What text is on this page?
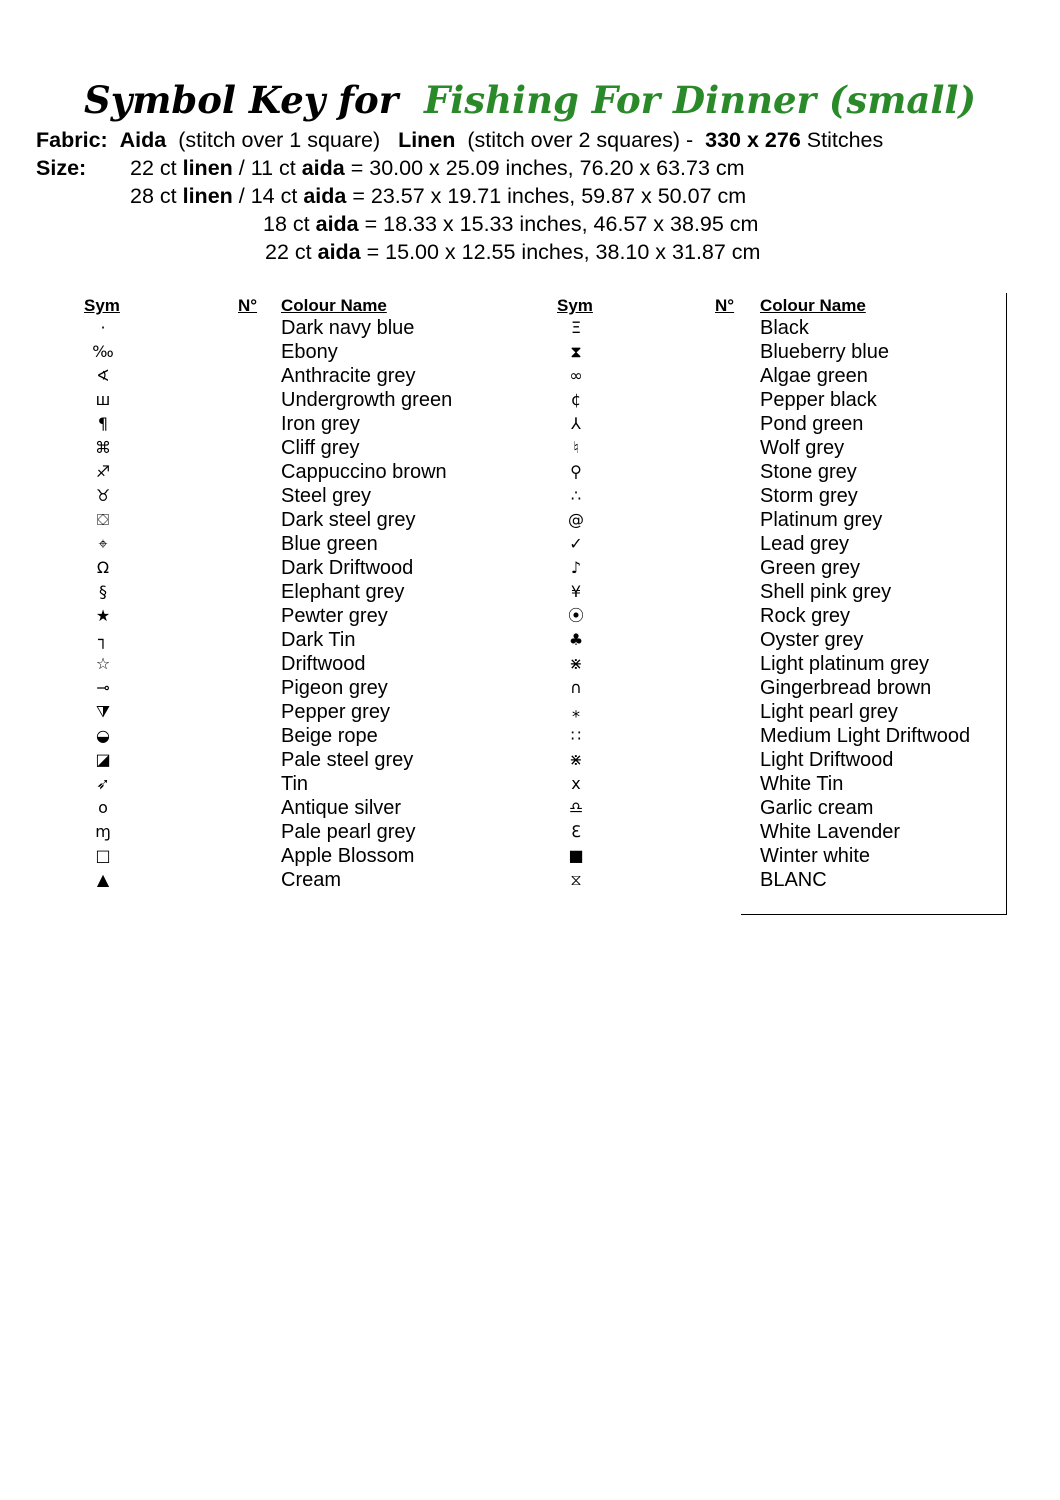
Symbol Key for Fishing For Dinner (small)
Fabric: Aida (stitch over 1 square) Linen (stitch over 2 squares) - 330 x 276 Stitches
Size: 22 ct linen / 11 ct aida = 30.00 x 25.09 inches, 76.20 x 63.73 cm
28 ct linen / 14 ct aida = 23.57 x 19.71 inches, 59.87 x 50.07 cm
18 ct aida = 18.33 x 15.33 inches, 46.57 x 38.95 cm
22 ct aida = 15.00 x 12.55 inches, 38.10 x 31.87 cm
Sym	N° Colour Name	Sym	N° Colour Name
·	Dark navy blue
‰	Ebony
∢	Anthracite grey
ш	Undergrowth green
¶	Iron grey
⌘	Cliff grey
♐	Cappuccino brown
♉	Steel grey
⛋	Dark steel grey
⌖	Blue green
Ω	Dark Driftwood
§	Elephant grey
★	Pewter grey
┐	Dark Tin
☆	Driftwood
⊸	Pigeon grey
⧩	Pepper grey
◒	Beige rope
◪	Pale steel grey
➶	Tin
o	Antique silver
ɱ	Pale pearl grey
□	Apple Blossom
▲	Cream
Ξ	Black
⧗	Blueberry blue
∞	Algae green
¢	Pepper black
⅄	Pond green
♮	Wolf grey
⚲	Stone grey
∴	Storm grey
@	Platinum grey
✓	Lead grey
♪	Green grey
¥	Shell pink grey
⦿	Rock grey
♣	Oyster grey
⋇	Light platinum grey
∩	Gingerbread brown
⁎	Light pearl grey
∷	Medium Light Driftwood
⋇	Light Driftwood
x	White Tin
♎	Garlic cream
ℇ	White Lavender
■	Winter white
⧖	BLANC
